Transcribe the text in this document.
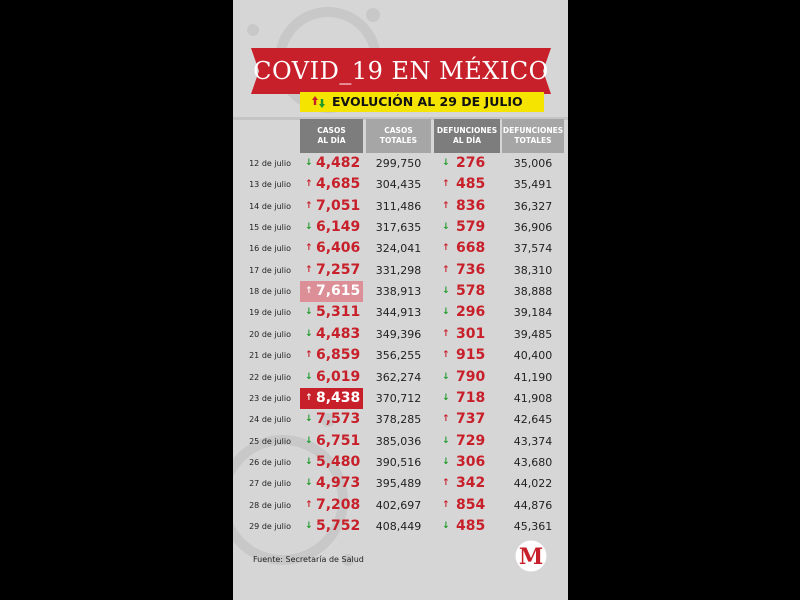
COVID_19 EN MÉXICO
EVOLUCIÓN AL 29 DE JULIO
CASOS
AL DÍA
CASOS
TOTALES
DEFUNCIONES
AL DÍA
DEFUNCIONES
TOTALES
12 de julio ↓ 4,482	299,750	↓ 276	35,006
13 de julio ↑ 4,685	304,435	↑ 485	35,491
14 de julio ↑ 7,051	311,486	↑ 836	36,327
15 de julio ↓ 6,149	317,635	↓ 579	36,906
16 de julio ↑ 6,406	324,041	↑ 668	37,574
17 de julio ↑ 7,257	331,298	↑ 736	38,310
18 de julio ↑ 7,615	338,913	↓ 578	38,888
19 de julio ↓ 5,311	344,913	↓ 296	39,184
20 de julio ↓ 4,483	349,396	↑ 301	39,485
21 de julio ↑ 6,859	356,255	↑ 915	40,400
22 de julio ↓ 6,019	362,274	↓ 790	41,190
23 de julio ↑ 8,438	370,712	↓ 718	41,908
24 de julio ↓ 7,573	378,285	↑ 737	42,645
25 de julio ↓ 6,751	385,036	↓ 729	43,374
26 de julio ↓ 5,480	390,516	↓ 306	43,680
27 de julio ↓ 4,973	395,489	↑ 342	44,022
28 de julio ↑ 7,208	402,697	↑ 854	44,876
29 de julio ↓ 5,752	408,449	↓ 485	45,361
Fuente: Secretaría de Salud	M
